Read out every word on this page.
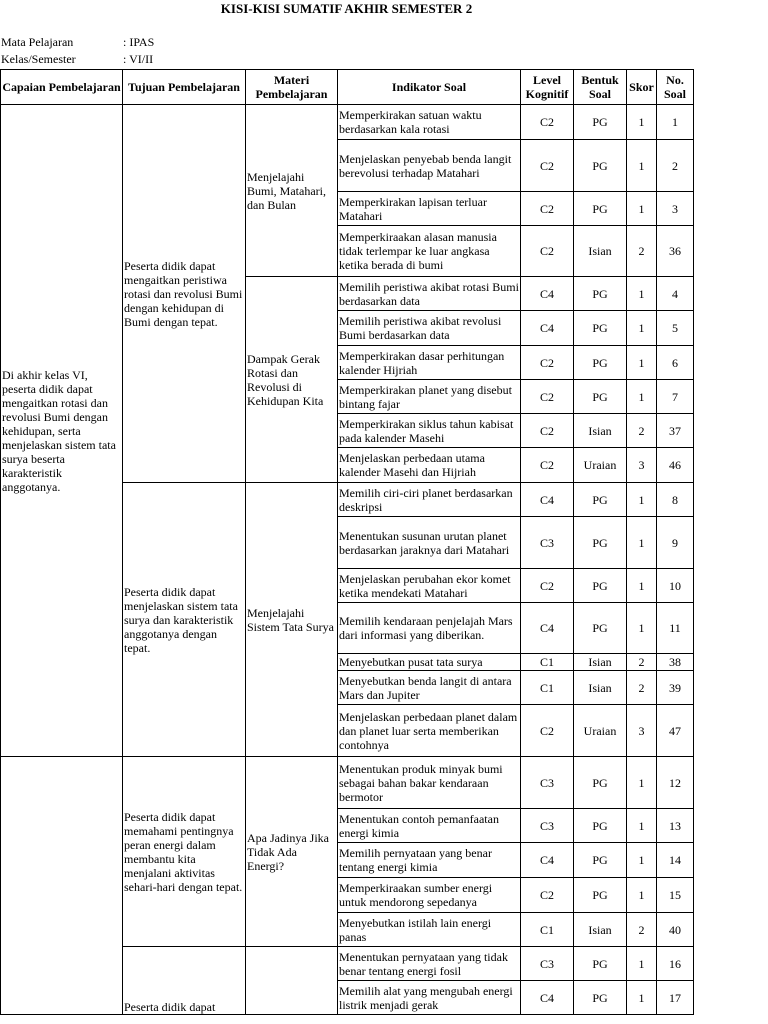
KISI-KISI SUMATIF AKHIR SEMESTER 2
Mata Pelajaran	: IPAS
Kelas/Semester	: VI/II
Capaian Pembelajaran	Tujuan Pembelajaran	Materi Pembelajaran	Indikator Soal	Level Kognitif	Bentuk Soal	Skor	No. Soal
Di akhir kelas VI, peserta didik dapat mengaitkan rotasi dan revolusi Bumi dengan kehidupan, serta menjelaskan sistem tata surya beserta karakteristik anggotanya.	Peserta didik dapat mengaitkan peristiwa rotasi dan revolusi Bumi dengan kehidupan di Bumi dengan tepat.	Menjelajahi Bumi, Matahari, dan Bulan	Memperkirakan satuan waktu berdasarkan kala rotasi	C2	PG	1	1
			Menjelaskan penyebab benda langit berevolusi terhadap Matahari	C2	PG	1	2
			Memperkirakan lapisan terluar Matahari	C2	PG	1	3
			Memperkiraakan alasan manusia tidak terlempar ke luar angkasa ketika berada di bumi	C2	Isian	2	36
		Dampak Gerak Rotasi dan Revolusi di Kehidupan Kita	Memilih peristiwa akibat rotasi Bumi berdasarkan data	C4	PG	1	4
			Memilih peristiwa akibat revolusi Bumi berdasarkan data	C4	PG	1	5
			Memperkirakan dasar perhitungan kalender Hijriah	C2	PG	1	6
			Memperkirakan planet yang disebut bintang fajar	C2	PG	1	7
			Memperkirakan siklus tahun kabisat pada kalender Masehi	C2	Isian	2	37
			Menjelaskan perbedaan utama kalender Masehi dan Hijriah	C2	Uraian	3	46
	Peserta didik dapat menjelaskan sistem tata surya dan karakteristik anggotanya dengan tepat.	Menjelajahi Sistem Tata Surya	Memilih ciri-ciri planet berdasarkan deskripsi	C4	PG	1	8
			Menentukan susunan urutan planet berdasarkan jaraknya dari Matahari	C3	PG	1	9
			Menjelaskan perubahan ekor komet ketika mendekati Matahari	C2	PG	1	10
			Memilih kendaraan penjelajah Mars dari informasi yang diberikan.	C4	PG	1	11
			Menyebutkan pusat tata surya	C1	Isian	2	38
			Menyebutkan benda langit di antara Mars dan Jupiter	C1	Isian	2	39
			Menjelaskan perbedaan planet dalam dan planet luar serta memberikan contohnya	C2	Uraian	3	47
	Peserta didik dapat memahami pentingnya peran energi dalam membantu kita menjalani aktivitas sehari-hari dengan tepat.	Apa Jadinya Jika Tidak Ada Energi?	Menentukan produk minyak bumi sebagai bahan bakar kendaraan bermotor	C3	PG	1	12
			Menentukan contoh pemanfaatan energi kimia	C3	PG	1	13
			Memilih pernyataan yang benar tentang energi kimia	C4	PG	1	14
			Memperkiraakan sumber energi untuk mendorong sepedanya	C2	PG	1	15
			Menyebutkan istilah lain energi panas	C1	Isian	2	40
	Peserta didik dapat		Menentukan pernyataan yang tidak benar tentang energi fosil	C3	PG	1	16
			Memilih alat yang mengubah energi listrik menjadi gerak	C4	PG	1	17
